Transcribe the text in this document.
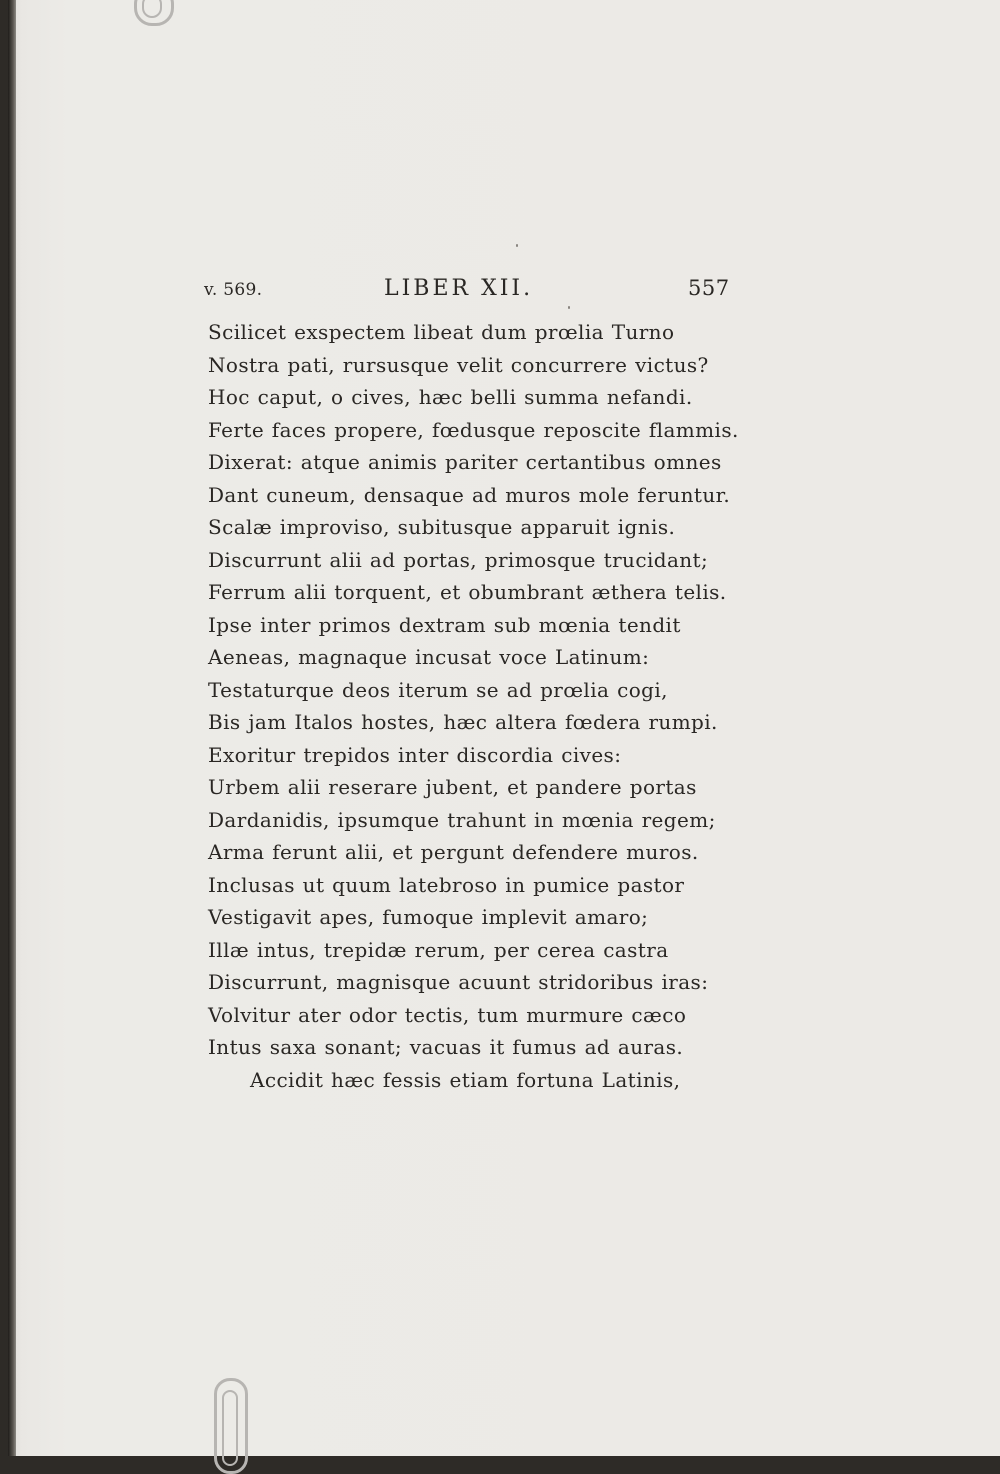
v. 569.	LIBER XII.	557
Scilicet exspectem libeat dum prœlia Turno
Nostra pati, rursusque velit concurrere victus?
Hoc caput, o cives, hæc belli summa nefandi.
Ferte faces propere, fœdusque reposcite flammis.
Dixerat: atque animis pariter certantibus omnes
Dant cuneum, densaque ad muros mole feruntur.
Scalæ improviso, subitusque apparuit ignis.
Discurrunt alii ad portas, primosque trucidant;
Ferrum alii torquent, et obumbrant æthera telis.
Ipse inter primos dextram sub mœnia tendit
Aeneas, magnaque incusat voce Latinum:
Testaturque deos iterum se ad prœlia cogi,
Bis jam Italos hostes, hæc altera fœdera rumpi.
Exoritur trepidos inter discordia cives:
Urbem alii reserare jubent, et pandere portas
Dardanidis, ipsumque trahunt in mœnia regem;
Arma ferunt alii, et pergunt defendere muros.
Inclusas ut quum latebroso in pumice pastor
Vestigavit apes, fumoque implevit amaro;
Illæ intus, trepidæ rerum, per cerea castra
Discurrunt, magnisque acuunt stridoribus iras:
Volvitur ater odor tectis, tum murmure cæco
Intus saxa sonant; vacuas it fumus ad auras.
Accidit hæc fessis etiam fortuna Latinis,
